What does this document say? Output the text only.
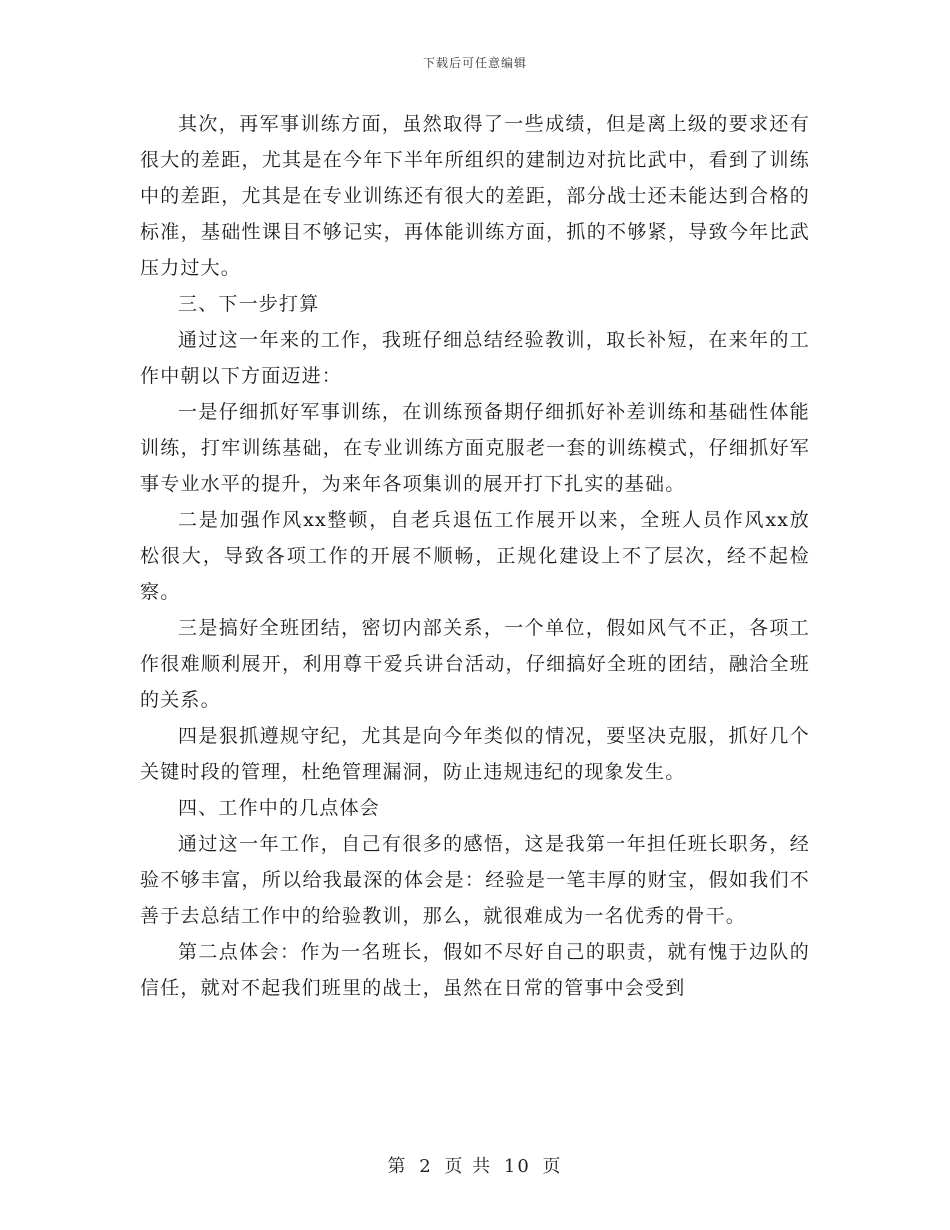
下载后可任意编辑

其次，再军事训练方面，虽然取得了一些成绩，但是离上级的要求还有很大的差距，尤其是在今年下半年所组织的建制边对抗比武中，看到了训练中的差距，尤其是在专业训练还有很大的差距，部分战士还未能达到合格的标准，基础性课目不够记实，再体能训练方面，抓的不够紧，导致今年比武压力过大。

三、下一步打算

通过这一年来的工作，我班仔细总结经验教训，取长补短，在来年的工作中朝以下方面迈进：

一是仔细抓好军事训练，在训练预备期仔细抓好补差训练和基础性体能训练，打牢训练基础，在专业训练方面克服老一套的训练模式，仔细抓好军事专业水平的提升，为来年各项集训的展开打下扎实的基础。

二是加强作风xx整顿，自老兵退伍工作展开以来，全班人员作风xx放松很大，导致各项工作的开展不顺畅，正规化建设上不了层次，经不起检察。

三是搞好全班团结，密切内部关系，一个单位，假如风气不正，各项工作很难顺利展开，利用尊干爱兵讲台活动，仔细搞好全班的团结，融洽全班的关系。

四是狠抓遵规守纪，尤其是向今年类似的情况，要坚决克服，抓好几个关键时段的管理，杜绝管理漏洞，防止违规违纪的现象发生。

四、工作中的几点体会

通过这一年工作，自己有很多的感悟，这是我第一年担任班长职务，经验不够丰富，所以给我最深的体会是：经验是一笔丰厚的财宝，假如我们不善于去总结工作中的给验教训，那么，就很难成为一名优秀的骨干。

第二点体会：作为一名班长，假如不尽好自己的职责，就有愧于边队的信任，就对不起我们班里的战士，虽然在日常的管事中会受到

第 2 页 共 10 页
